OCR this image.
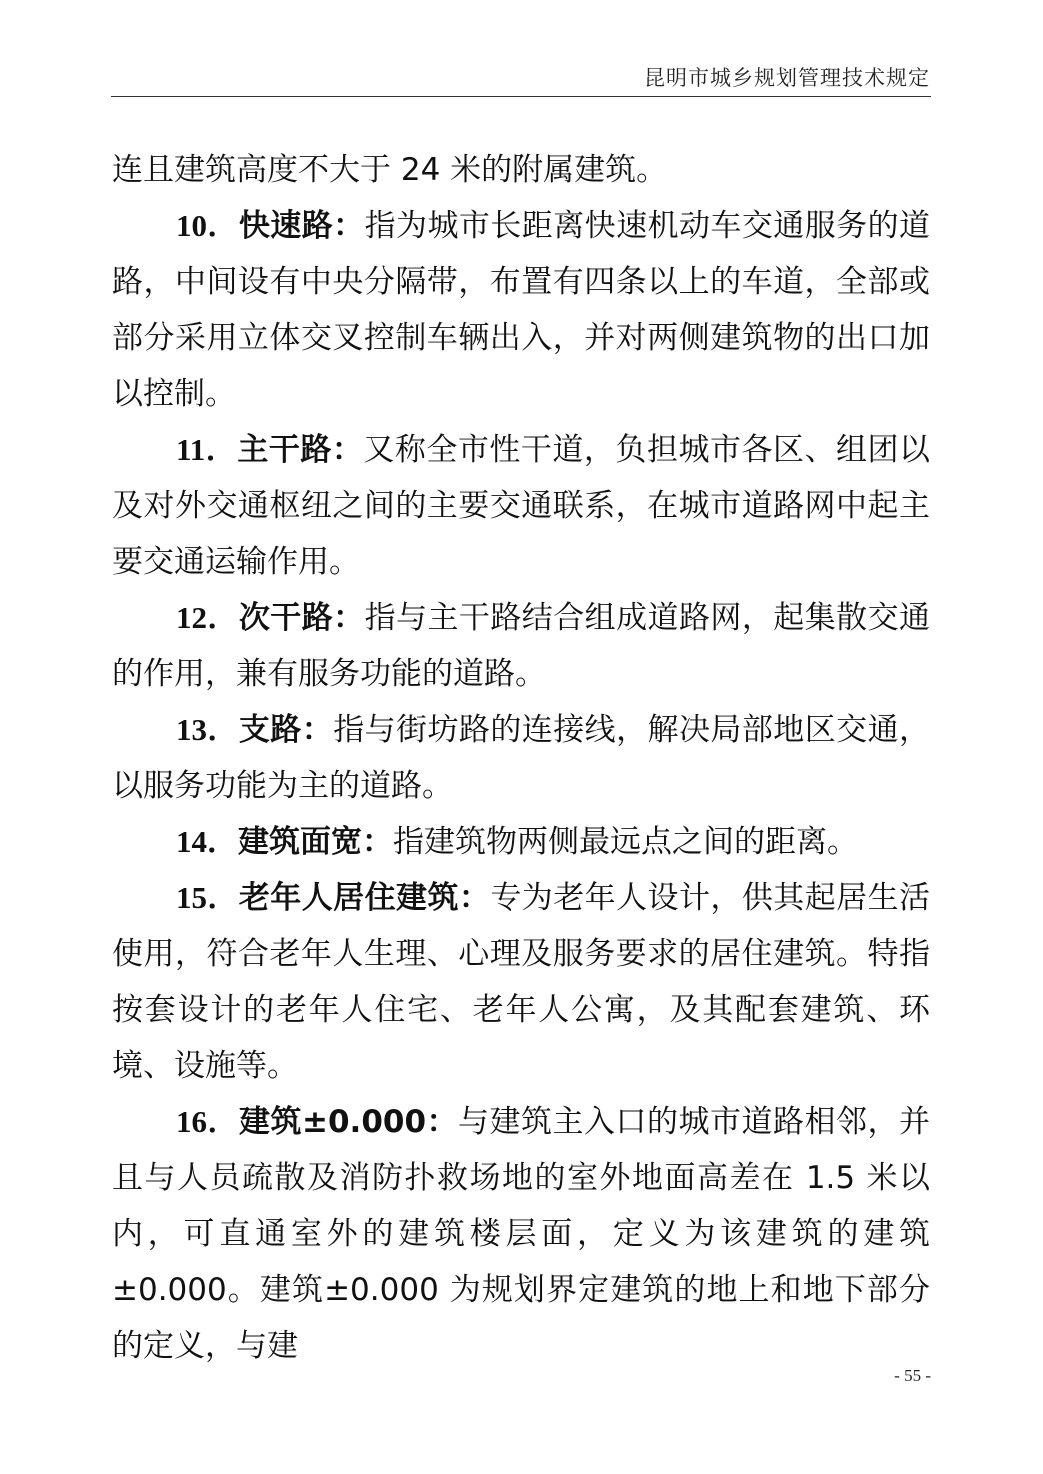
昆明市城乡规划管理技术规定

连且建筑高度不大于 24 米的附属建筑。

10．快速路：指为城市长距离快速机动车交通服务的道路，中间设有中央分隔带，布置有四条以上的车道，全部或部分采用立体交叉控制车辆出入，并对两侧建筑物的出口加以控制。

11．主干路：又称全市性干道，负担城市各区、组团以及对外交通枢纽之间的主要交通联系，在城市道路网中起主要交通运输作用。

12．次干路：指与主干路结合组成道路网，起集散交通的作用，兼有服务功能的道路。

13．支路：指与街坊路的连接线，解决局部地区交通，以服务功能为主的道路。

14．建筑面宽：指建筑物两侧最远点之间的距离。

15．老年人居住建筑：专为老年人设计，供其起居生活使用，符合老年人生理、心理及服务要求的居住建筑。特指按套设计的老年人住宅、老年人公寓，及其配套建筑、环境、设施等。

16．建筑±0.000：与建筑主入口的城市道路相邻，并且与人员疏散及消防扑救场地的室外地面高差在 1.5 米以内，可直通室外的建筑楼层面，定义为该建筑的建筑±0.000。建筑±0.000 为规划界定建筑的地上和地下部分的定义，与建

- 55 -
